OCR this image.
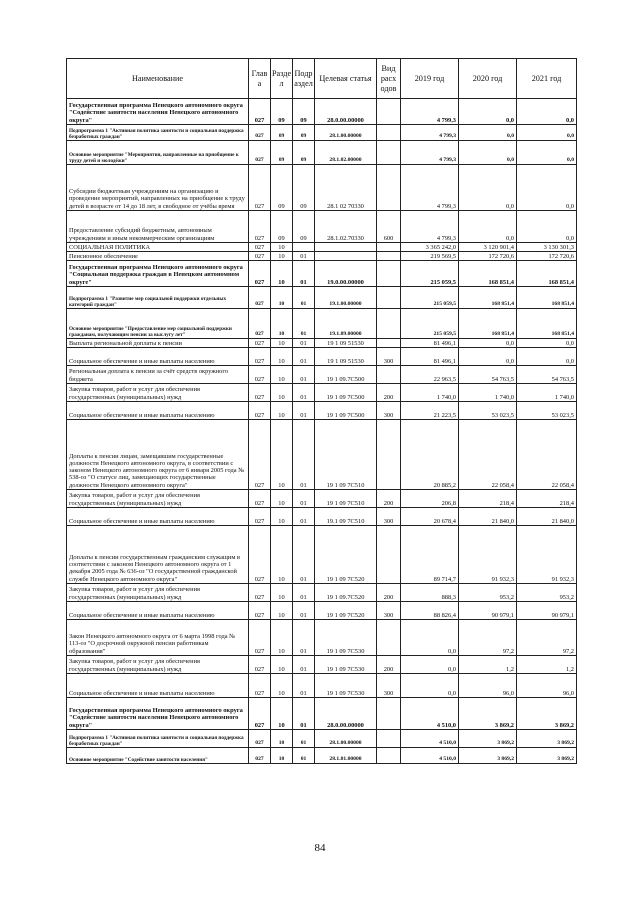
Наименование	Глав а	Разде л	Подр аздел	Целевая статья	Вид расх одов	2019 год	2020 год	2021 год
Государственная программа Ненецкого автономного округа "Содействие занятости населения Ненецкого автономного округа"	027	09	09	28.0.00.00000		4 799,3	0,0	0,0
Подпрограмма 1 "Активная политика занятости и социальная поддержка безработных граждан"	027	09	09	28.1.00.00000		4 799,3	0,0	0,0
Основное мероприятие "Мероприятия, направленные на приобщение к труду детей и молодёжи"	027	09	09	28.1.02.00000		4 799,3	0,0	0,0
Субсидии бюджетным учреждениям на организацию и проведение мероприятий, направленных на приобщение к труду детей в возрасте от 14 до 18 лет, в свободное от учёбы время	027	09	09	28.1 02 70330		4 799,3	0,0	0,0
Предоставление субсидий бюджетным, автономным учреждениям и иным некоммерческим организациям	027	09	09	28.1.02.70330	600	4 799,3	0,0	0,0
СОЦИАЛЬНАЯ ПОЛИТИКА	027	10				3 365 242,0	3 120 901,4	3 130 301,3
Пенсионное обеспечение	027	10	01			219 569,5	172 720,6	172 720,6
Государственная программа Ненецкого автономного округа "Социальная поддержка граждан в Ненецком автономном округе"	027	10	01	19.0.00.00000		215 059,5	168 851,4	168 851,4
Подпрограмма 1 "Развитие мер социальной поддержки отдельных категорий граждан"	027	10	01	19.1.00.00000		215 059,5	168 851,4	168 851,4
Основное мероприятие "Предоставление мер социальной поддержки гражданам, получающим пенсии за выслугу лет"	027	10	01	19.1.09.00000		215 059,5	168 851,4	168 851,4
Выплата региональной доплаты к пенсии	027	10	01	19 1 09 51530		81 496,1	0,0	0,0
Социальное обеспечение и иные выплаты населению	027	10	01	19 1 09 51530	300	81 496,1	0,0	0,0
Региональная доплата к пенсии за счёт средств окружного бюджета	027	10	01	19 1 09.7C500		22 963,5	54 763,5	54 763,5
Закупка товаров, работ и услуг для обеспечения государственных (муниципальных) нужд	027	10	01	19 1 09 7C500	200	1 740,0	1 740,0	1 740,0
Социальное обеспечение и иные выплаты населению	027	10	01	19 1 09 7C500	300	21 223,5	53 023,5	53 023,5
Доплаты к пенсии лицам, замещавшим государственные должности Ненецкого автономного округа, в соответствии с законом Ненецкого автономного округа от 6 января 2005 года № 538-оз "О статусе лиц, замещающих государственные должности Ненецкого автономного округа"	027	10	01	19 1 09 7C510		20 885,2	22 058,4	22 058,4
Закупка товаров, работ и услуг для обеспечения государственных (муниципальных) нужд	027	10	01	19 1 09 7C510	200	206,8	218,4	218,4
Социальное обеспечение и иные выплаты населению	027	10	01	19.1 09 7C510	300	20 678,4	21 840,0	21 840,0
Доплаты к пенсии государственным гражданским служащим в соответствии с законом Ненецкого автономного округа от 1 декабря 2005 года № 636-оз "О государственной гражданской службе Ненецкого автономного округа"	027	10	01	19 1 09 7C520		89 714,7	91 932,3	91 932,3
Закупка товаров, работ и услуг для обеспечения государственных (муниципальных) нужд	027	10	01	19 1 09.7C520	200	888,3	953,2	953,2
Социальное обеспечение и иные выплаты населению	027	10	01	19 1 09 7C520	300	88 826,4	90 979,1	90 979,1
Закон Ненецкого автономного округа от 6 марта 1998 года № 113-оз "О досрочной окружной пенсии работникам образования"	027	10	01	19 1 09 7C530		0,0	97,2	97,2
Закупка товаров, работ и услуг для обеспечения государственных (муниципальных) нужд	027	10	01	19 1 09 7C530	200	0,0	1,2	1,2
Социальное обеспечение и иные выплаты населению	027	10	01	19 1 09 7C530	300	0,0	96,0	96,0
Государственная программа Ненецкого автономного округа "Содействие занятости населения Ненецкого автономного округа"	027	10	01	28.0.00.00000		4 510,0	3 869,2	3 869,2
Подпрограмма 1 "Активная политика занятости и социальная поддержка безработных граждан"	027	10	01	28.1.00.00000		4 510,0	3 869,2	3 869,2
Основное мероприятие "Содействие занятости населения"	027	10	01	28.1.01.00000		4 510,0	3 869,2	3 869,2
84
